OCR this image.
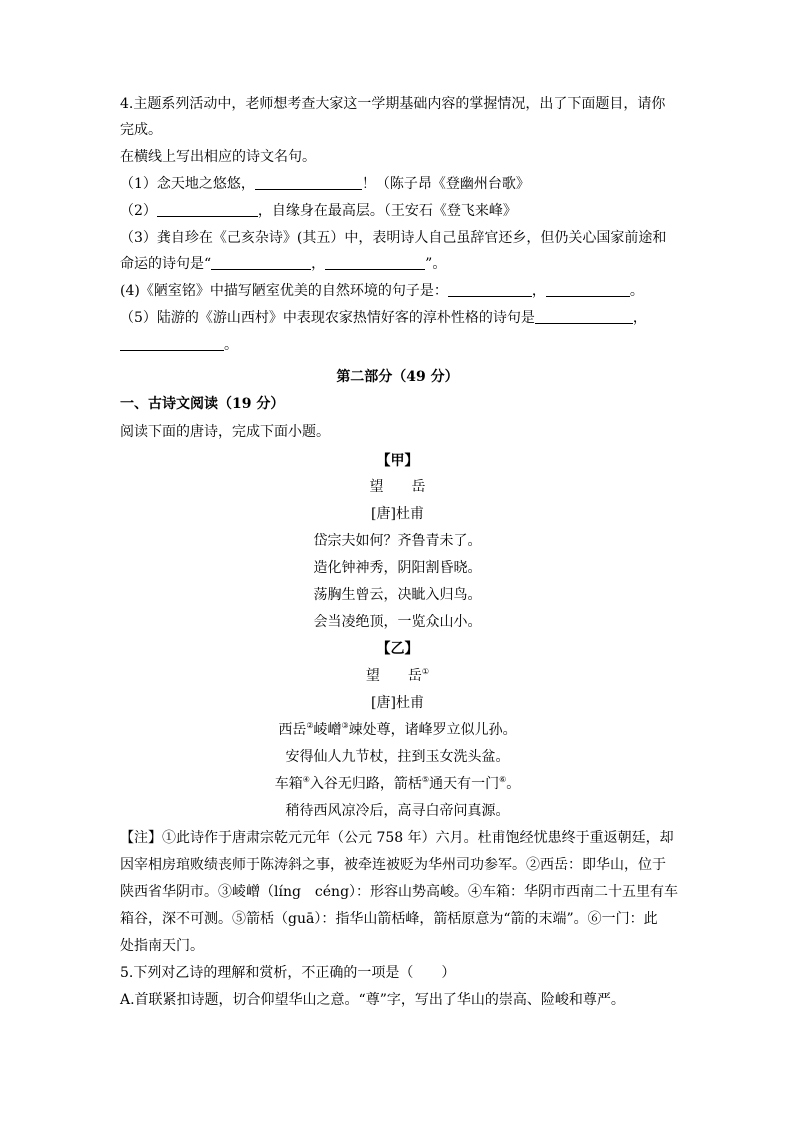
4.主题系列活动中，老师想考查大家这一学期基础内容的掌握情况，出了下面题目，请你
完成。
在横线上写出相应的诗文名句。
（1）念天地之悠悠，	！（陈子昂《登幽州台歌》
（2）	，自缘身在最高层。（王安石《登飞来峰》
（3）龚自珍在《己亥杂诗》(其五）中，表明诗人自己虽辞官还乡，但仍关心国家前途和
命运的诗句是“	，	”。
(4)《陋室铭》中描写陋室优美的自然环境的句子是：	，	。
（5）陆游的《游山西村》中表现农家热情好客的淳朴性格的诗句是	，
。
第二部分（49 分）
一、古诗文阅读（19 分）
阅读下面的唐诗，完成下面小题。
【甲】
望 岳
[唐]杜甫
岱宗夫如何？齐鲁青未了。
造化钟神秀，阴阳割昏晓。
荡胸生曾云，决眦入归鸟。
会当凌绝顶，一览众山小。
【乙】
望 岳①
[唐]杜甫
西岳②崚嶒③竦处尊，诸峰罗立似儿孙。
安得仙人九节杖，拄到玉女洗头盆。
车箱④入谷无归路，箭栝⑤通天有一门⑥。
稍待西风凉冷后，高寻白帝问真源。
【注】①此诗作于唐肃宗乾元元年（公元 758 年）六月。杜甫饱经忧患终于重返朝廷，却
因宰相房琯败绩丧师于陈涛斜之事，被牵连被贬为华州司功参军。②西岳：即华山，位于
陕西省华阴市。③崚嶒（líng　céng）：形容山势高峻。④车箱：华阴市西南二十五里有车
箱谷，深不可测。⑤箭栝（guā）：指华山箭栝峰，箭栝原意为“箭的末端”。⑥一门：此
处指南天门。
5.下列对乙诗的理解和赏析，不正确的一项是（　　）
A.首联紧扣诗题，切合仰望华山之意。“尊”字，写出了华山的崇高、险峻和尊严。
